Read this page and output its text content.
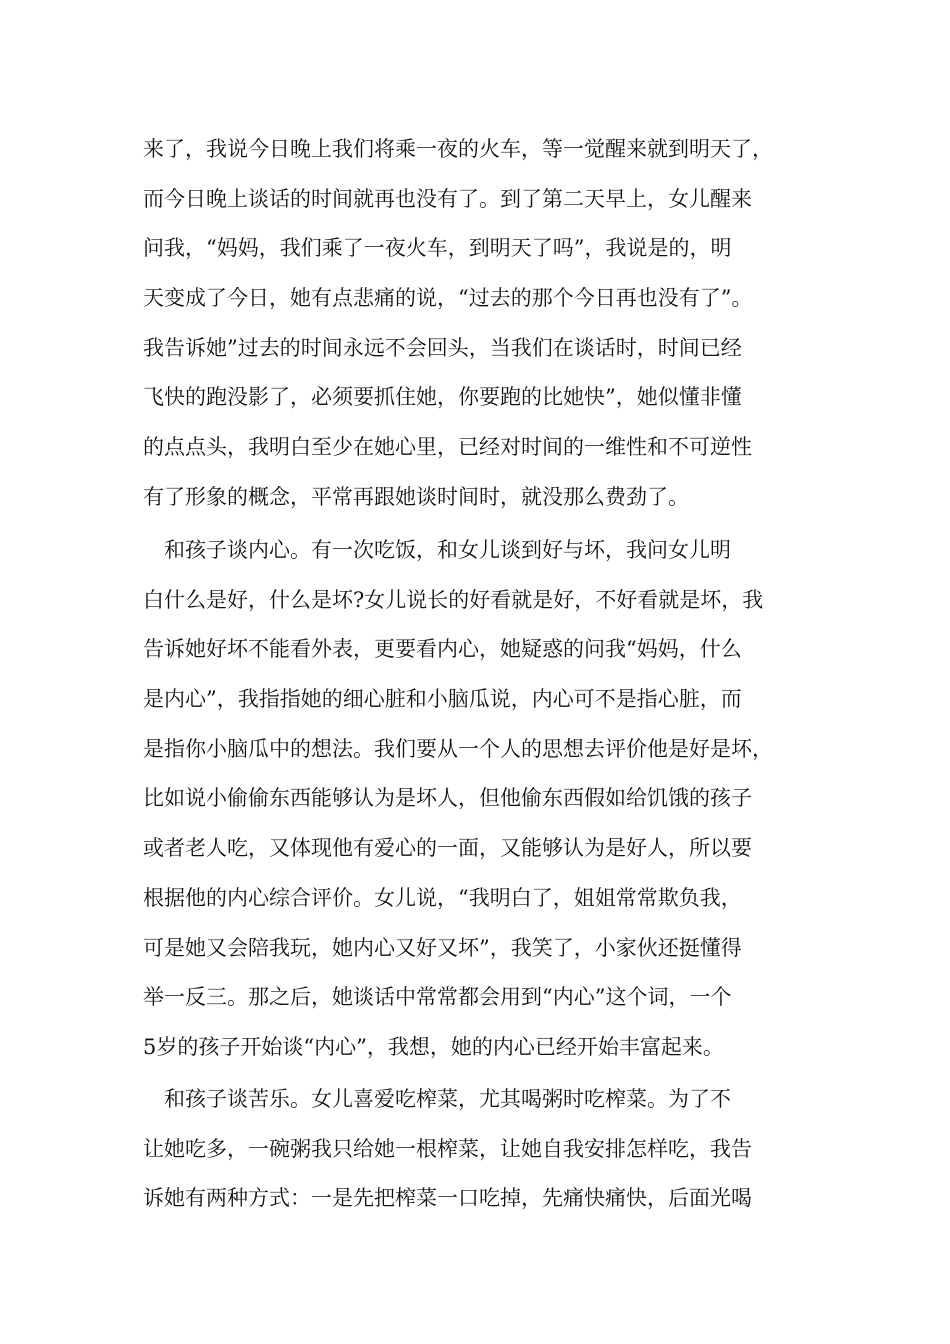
来了，我说今日晚上我们将乘一夜的火车，等一觉醒来就到明天了，
而今日晚上谈话的时间就再也没有了。到了第二天早上，女儿醒来
问我，“妈妈，我们乘了一夜火车，到明天了吗”，我说是的，明
天变成了今日，她有点悲痛的说，“过去的那个今日再也没有了”。
我告诉她”过去的时间永远不会回头，当我们在谈话时，时间已经
飞快的跑没影了，必须要抓住她，你要跑的比她快”，她似懂非懂
的点点头，我明白至少在她心里，已经对时间的一维性和不可逆性
有了形象的概念，平常再跟她谈时间时，就没那么费劲了。
　和孩子谈内心。有一次吃饭，和女儿谈到好与坏，我问女儿明
白什么是好，什么是坏?女儿说长的好看就是好，不好看就是坏，我
告诉她好坏不能看外表，更要看内心，她疑惑的问我“妈妈，什么
是内心”，我指指她的细心脏和小脑瓜说，内心可不是指心脏，而
是指你小脑瓜中的想法。我们要从一个人的思想去评价他是好是坏，
比如说小偷偷东西能够认为是坏人，但他偷东西假如给饥饿的孩子
或者老人吃，又体现他有爱心的一面，又能够认为是好人，所以要
根据他的内心综合评价。女儿说，“我明白了，姐姐常常欺负我，
可是她又会陪我玩，她内心又好又坏”，我笑了，小家伙还挺懂得
举一反三。那之后，她谈话中常常都会用到“内心”这个词，一个
5岁的孩子开始谈“内心”，我想，她的内心已经开始丰富起来。
　和孩子谈苦乐。女儿喜爱吃榨菜，尤其喝粥时吃榨菜。为了不
让她吃多，一碗粥我只给她一根榨菜，让她自我安排怎样吃，我告
诉她有两种方式：一是先把榨菜一口吃掉，先痛快痛快，后面光喝
